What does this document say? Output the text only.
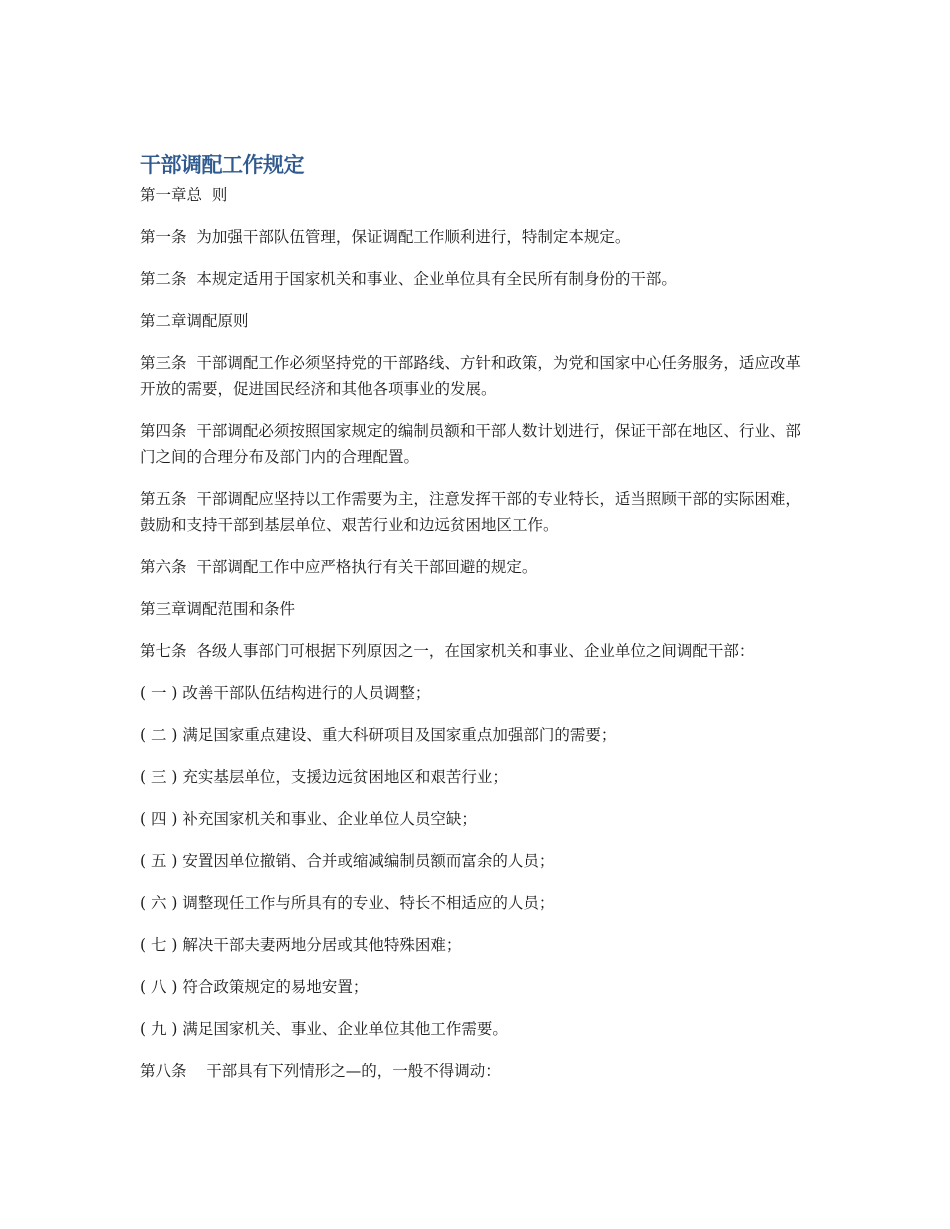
干部调配工作规定

第一章总  则

第一条  为加强干部队伍管理，保证调配工作顺利进行，特制定本规定。

第二条  本规定适用于国家机关和事业、企业单位具有全民所有制身份的干部。

第二章调配原则

第三条  干部调配工作必须坚持党的干部路线、方针和政策，为党和国家中心任务服务，适应改革开放的需要，促进国民经济和其他各项事业的发展。

第四条  干部调配必须按照国家规定的编制员额和干部人数计划进行，保证干部在地区、行业、部门之间的合理分布及部门内的合理配置。

第五条  干部调配应坚持以工作需要为主，注意发挥干部的专业特长，适当照顾干部的实际困难，鼓励和支持干部到基层单位、艰苦行业和边远贫困地区工作。

第六条  干部调配工作中应严格执行有关干部回避的规定。

第三章调配范围和条件

第七条  各级人事部门可根据下列原因之一，在国家机关和事业、企业单位之间调配干部：

( 一 ) 改善干部队伍结构进行的人员调整；

( 二 ) 满足国家重点建设、重大科研项目及国家重点加强部门的需要；

( 三 ) 充实基层单位，支援边远贫困地区和艰苦行业；

( 四 ) 补充国家机关和事业、企业单位人员空缺；

( 五 ) 安置因单位撤销、合并或缩减编制员额而富余的人员；

( 六 ) 调整现任工作与所具有的专业、特长不相适应的人员；

( 七 ) 解决干部夫妻两地分居或其他特殊困难；

( 八 ) 符合政策规定的易地安置；

( 九 ) 满足国家机关、事业、企业单位其他工作需要。

第八条    干部具有下列情形之—的，一般不得调动：
